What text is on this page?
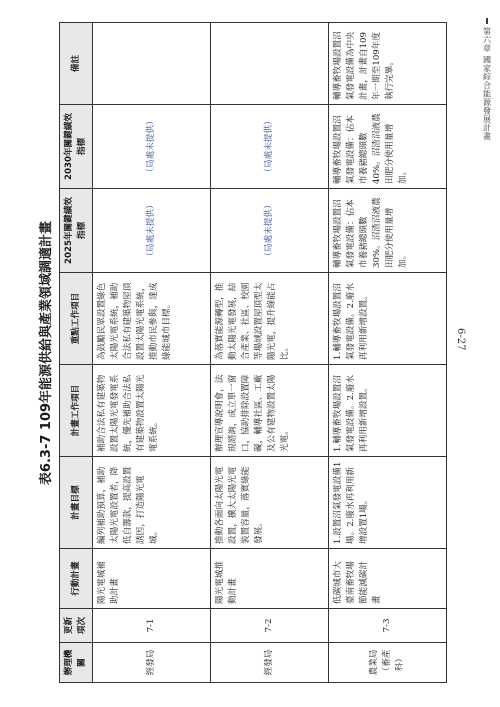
第六章 國家綜合能源發展計畫
6-27
表6.3-7 109年能源供給與產業領域調適計畫
辦理機關	更新項次	行動計畫	計畫目標	計畫工作項目	重點工作項目	2025年關鍵績效指標	2030年關鍵績效指標	備註
經發局	7-1	陽光電城補助計畫	編列補助預算，補助太陽光電設置者，降低自籌款，提高設置誘因，打造陽光電城。	補助合法私有建築物設置太陽光電發電系統，優先補助合法私有建築物設置太陽光電系統。	為鼓勵民眾設置綠色太陽光電系統，補助合法私有建築物屋頂設置太陽光電系統，推動市民參與，達成綠能城市目標。	（局處未提供）	（局處未提供）	
經發局	7-2	陽光電城推動計畫	推動各面向太陽光電設置，擴大太陽光電裝置容量，落實綠能發展。	辦理宣導說明會，法規諮詢，成立單一窗口，協助排除設置障礙，輔導社區、工廠及公有建物設置太陽光電。	為落實能源轉型，推動太陽光電發展，結合產業、社區、校園等場域設置屋頂型太陽光電，提升綠能占比。	（局處未提供）	（局處未提供）	
農業局（畜產科）	7-3	低碳城市大臺南畜牧場節能減碳計畫	1.設置沼氣發電設備1場。2.廢水再利用新增設置1場。	1.輔導畜牧場設置沼氣發電設備。2.廢水再利用新增設置。	1.輔導畜牧場設置沼氣發電設備。2.廢水再利用新增設置。	輔導畜牧場設置沼氣發電設備：佔本市養豬總頭數30%。沼渣沼液農田肥分使用量增加。	輔導畜牧場設置沼氣發電設備：佔本市養豬總頭數40%。沼渣沼液農田肥分使用量增加。	輔導畜牧場設置沼氣發電設備為中央計畫，計畫自109年一期至109年度執行完畢。
